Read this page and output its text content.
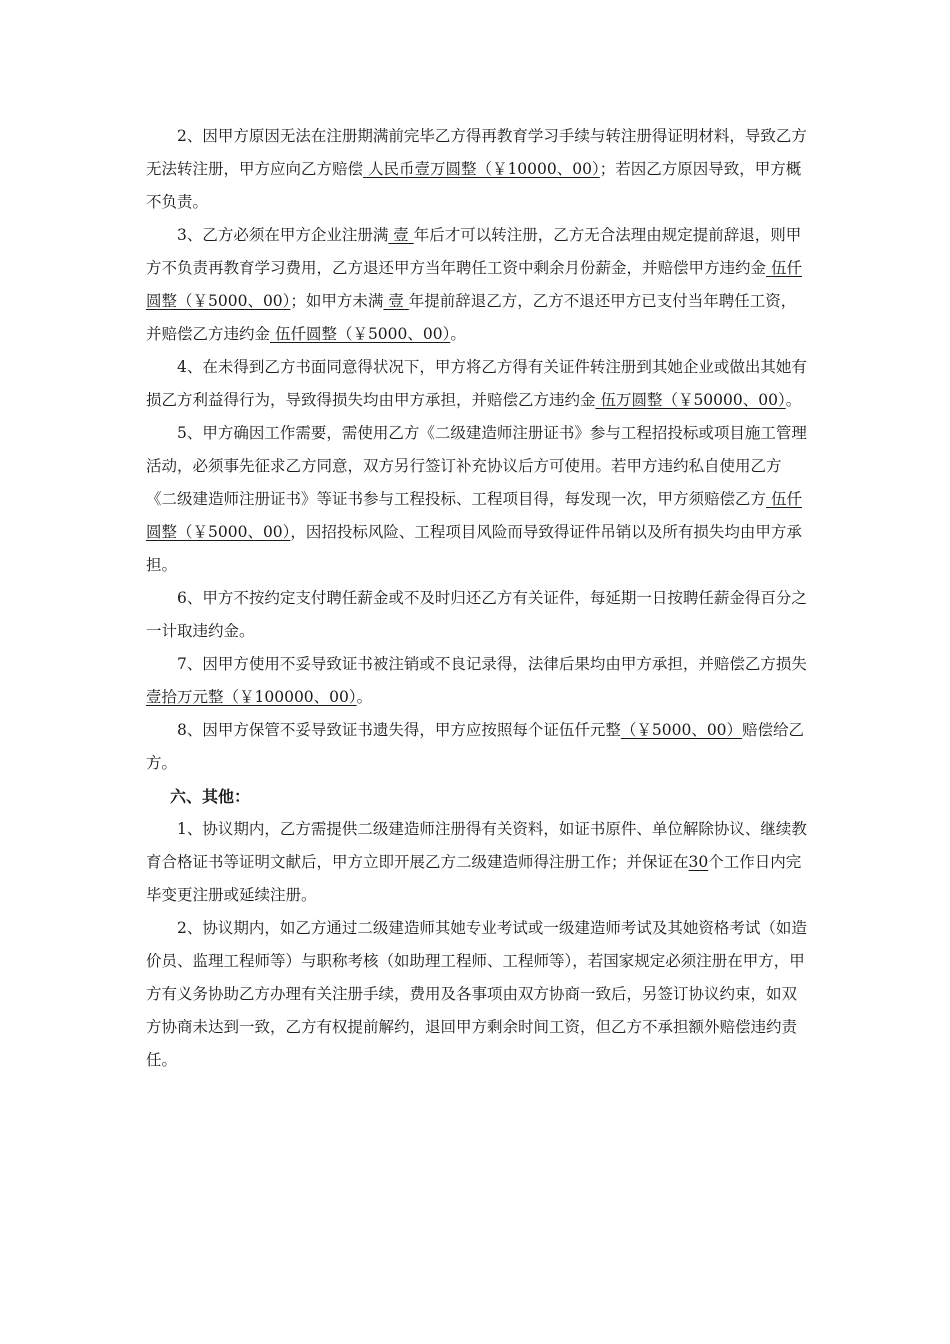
2、因甲方原因无法在注册期满前完毕乙方得再教育学习手续与转注册得证明材料，导致乙方无法转注册，甲方应向乙方赔偿 人民币壹万圆整（￥10000、00）；若因乙方原因导致，甲方概不负责。

3、乙方必须在甲方企业注册满 壹 年后才可以转注册，乙方无合法理由规定提前辞退，则甲方不负责再教育学习费用，乙方退还甲方当年聘任工资中剩余月份薪金，并赔偿甲方违约金 伍仟圆整（￥5000、00）；如甲方未满 壹 年提前辞退乙方，乙方不退还甲方已支付当年聘任工资，并赔偿乙方违约金 伍仟圆整（￥5000、00）。

4、在未得到乙方书面同意得状况下，甲方将乙方得有关证件转注册到其她企业或做出其她有损乙方利益得行为，导致得损失均由甲方承担，并赔偿乙方违约金 伍万圆整（￥50000、00）。

5、甲方确因工作需要，需使用乙方《二级建造师注册证书》参与工程招投标或项目施工管理活动，必须事先征求乙方同意，双方另行签订补充协议后方可使用。若甲方违约私自使用乙方《二级建造师注册证书》等证书参与工程投标、工程项目得，每发现一次，甲方须赔偿乙方 伍仟圆整（￥5000、00），因招投标风险、工程项目风险而导致得证件吊销以及所有损失均由甲方承担。

6、甲方不按约定支付聘任薪金或不及时归还乙方有关证件，每延期一日按聘任薪金得百分之一计取违约金。

7、因甲方使用不妥导致证书被注销或不良记录得，法律后果均由甲方承担，并赔偿乙方损失壹拾万元整（￥100000、00）。

8、因甲方保管不妥导致证书遗失得，甲方应按照每个证伍仟元整（￥5000、00）赔偿给乙方。

六、其他：

1、协议期内，乙方需提供二级建造师注册得有关资料，如证书原件、单位解除协议、继续教育合格证书等证明文献后，甲方立即开展乙方二级建造师得注册工作；并保证在30个工作日内完毕变更注册或延续注册。

2、协议期内，如乙方通过二级建造师其她专业考试或一级建造师考试及其她资格考试（如造价员、监理工程师等）与职称考核（如助理工程师、工程师等），若国家规定必须注册在甲方，甲方有义务协助乙方办理有关注册手续，费用及各事项由双方协商一致后，另签订协议约束，如双方协商未达到一致，乙方有权提前解约，退回甲方剩余时间工资，但乙方不承担额外赔偿违约责任。
